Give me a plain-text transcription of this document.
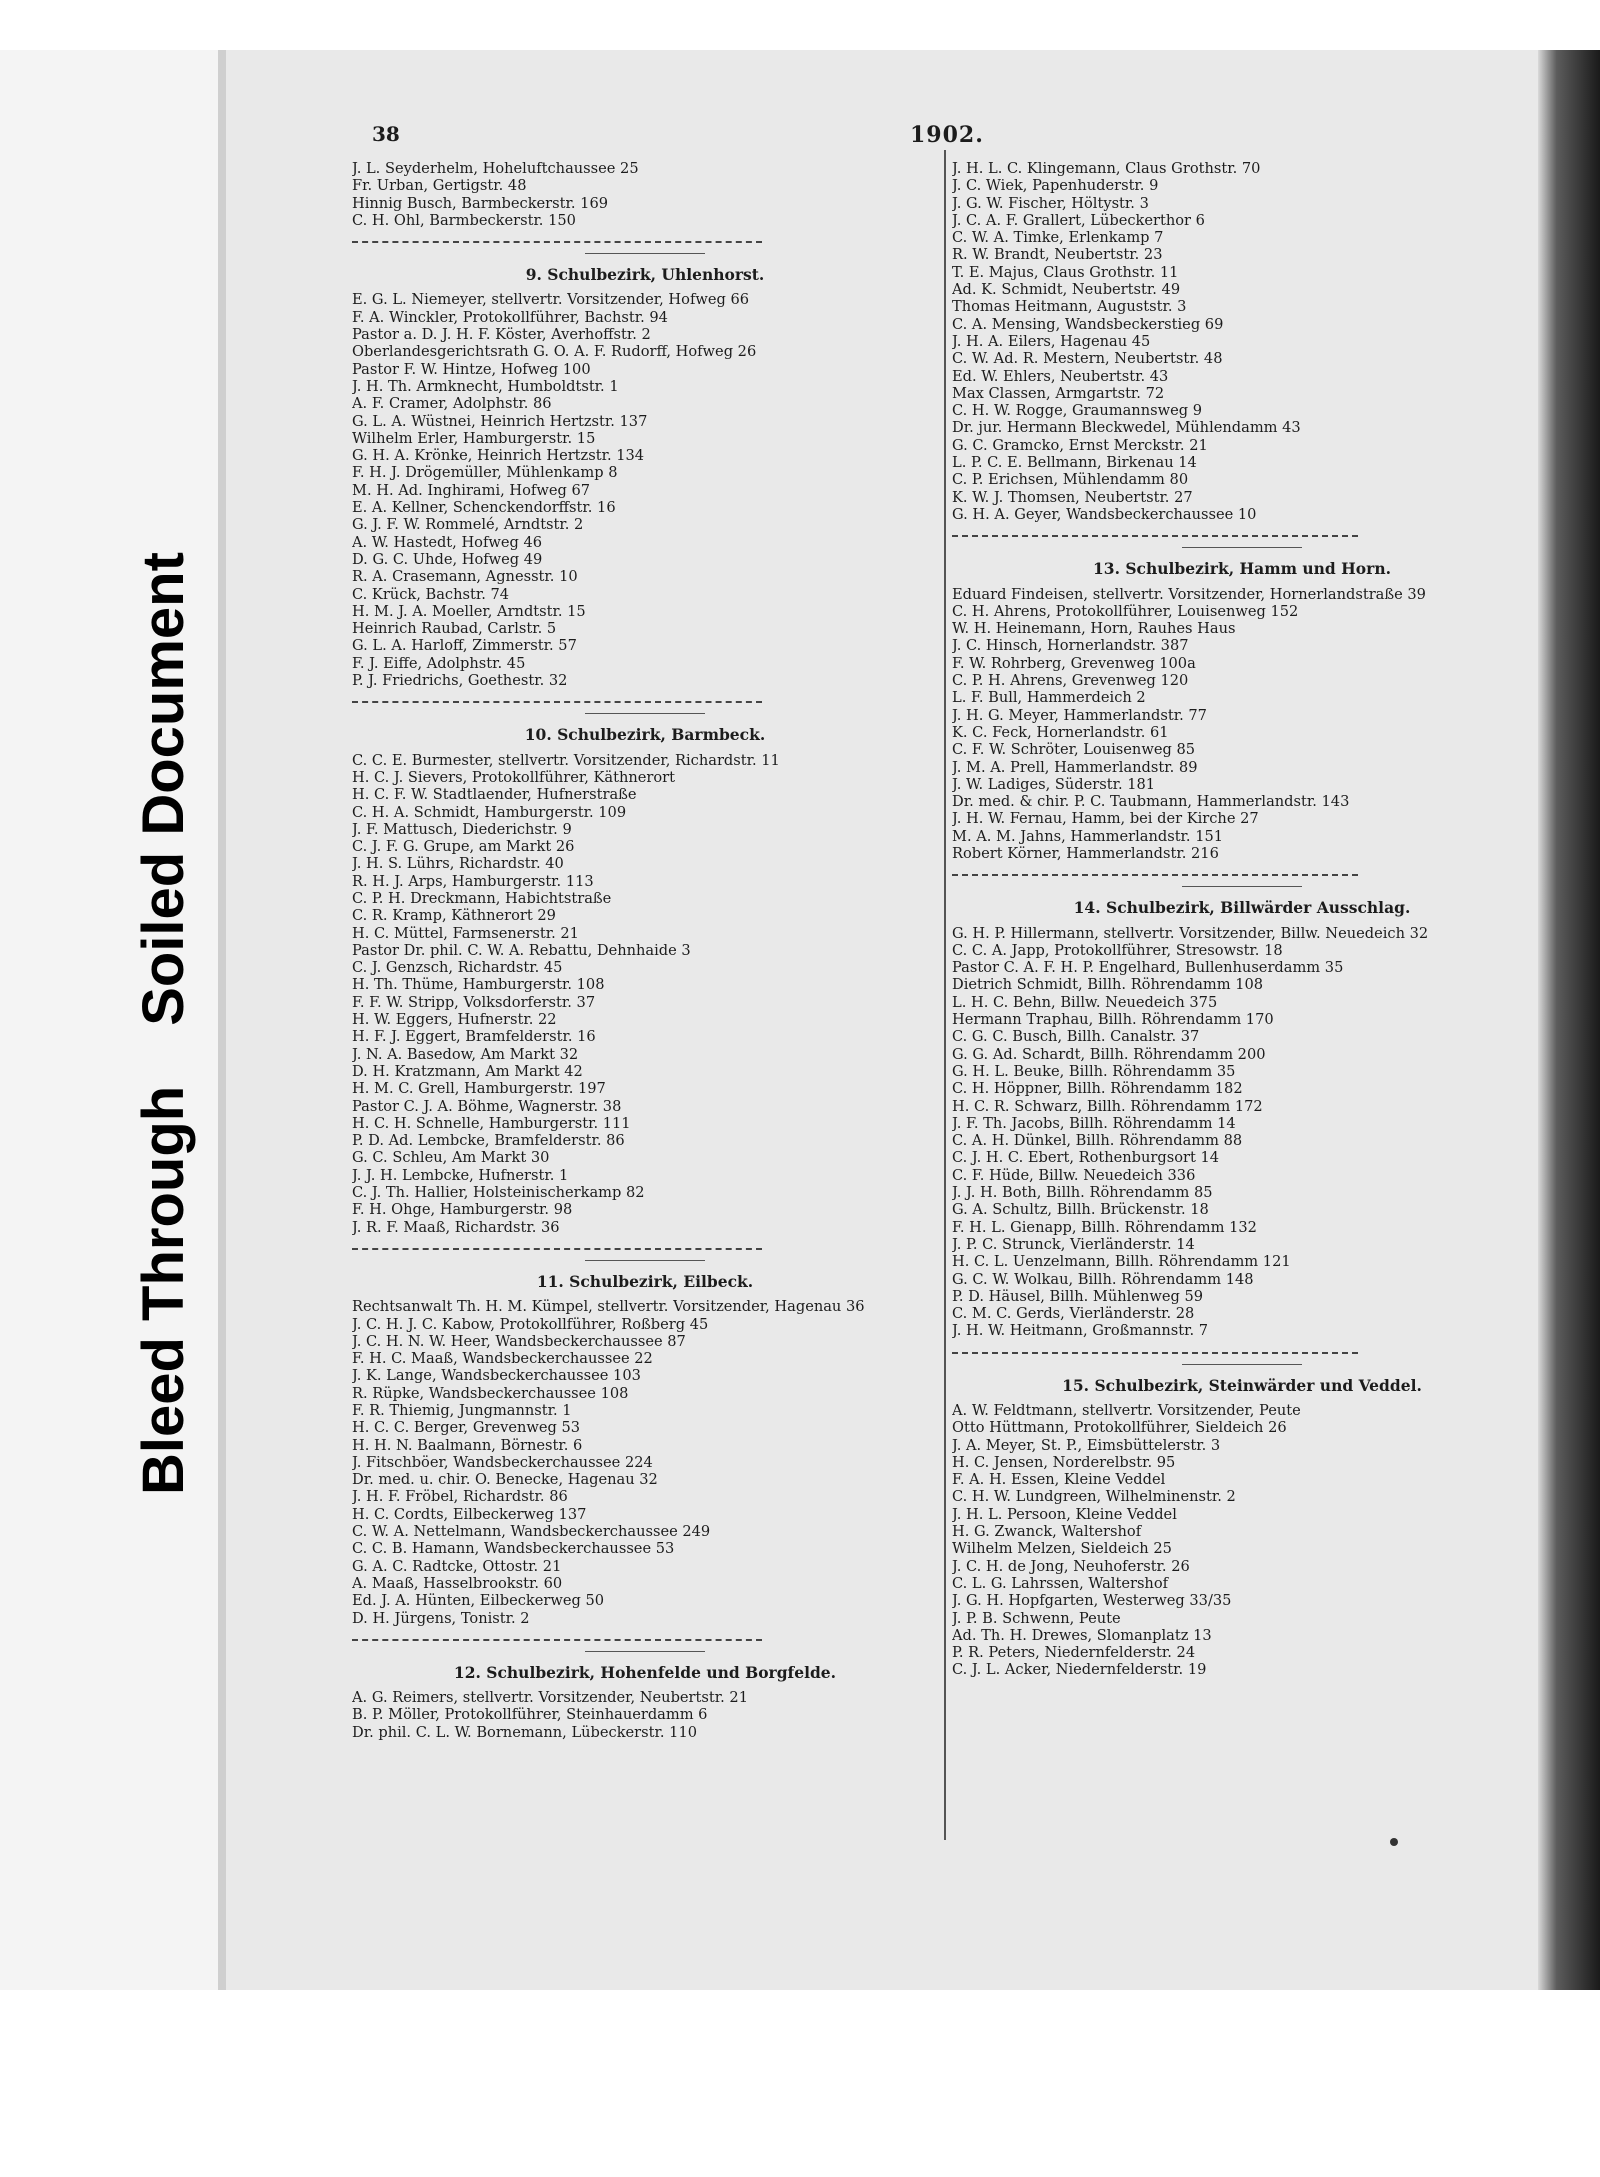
Bleed Through
Soiled Document
38	1902.
J. L. Seyderhelm, Hoheluftchaussee 25
Fr. Urban, Gertigstr. 48
Hinnig Busch, Barmbeckerstr. 169
C. H. Ohl, Barmbeckerstr. 150
9. Schulbezirk, Uhlenhorst.
E. G. L. Niemeyer, stellvertr. Vorsitzender, Hofweg 66
F. A. Winckler, Protokollführer, Bachstr. 94
Pastor a. D. J. H. F. Köster, Averhoffstr. 2
Oberlandesgerichtsrath G. O. A. F. Rudorff, Hofweg 26
Pastor F. W. Hintze, Hofweg 100
J. H. Th. Armknecht, Humboldtstr. 1
A. F. Cramer, Adolphstr. 86
G. L. A. Wüstnei, Heinrich Hertzstr. 137
Wilhelm Erler, Hamburgerstr. 15
G. H. A. Krönke, Heinrich Hertzstr. 134
F. H. J. Drögemüller, Mühlenkamp 8
M. H. Ad. Inghirami, Hofweg 67
E. A. Kellner, Schenckendorffstr. 16
G. J. F. W. Rommelé, Arndtstr. 2
A. W. Hastedt, Hofweg 46
D. G. C. Uhde, Hofweg 49
R. A. Crasemann, Agnesstr. 10
C. Krück, Bachstr. 74
H. M. J. A. Moeller, Arndtstr. 15
Heinrich Raubad, Carlstr. 5
G. L. A. Harloff, Zimmerstr. 57
F. J. Eiffe, Adolphstr. 45
P. J. Friedrichs, Goethestr. 32
10. Schulbezirk, Barmbeck.
C. C. E. Burmester, stellvertr. Vorsitzender, Richardstr. 11
H. C. J. Sievers, Protokollführer, Käthnerort
H. C. F. W. Stadtlaender, Hufnerstraße
C. H. A. Schmidt, Hamburgerstr. 109
J. F. Mattusch, Diederichstr. 9
C. J. F. G. Grupe, am Markt 26
J. H. S. Lührs, Richardstr. 40
R. H. J. Arps, Hamburgerstr. 113
C. P. H. Dreckmann, Habichtstraße
C. R. Kramp, Käthnerort 29
H. C. Müttel, Farmsenerstr. 21
Pastor Dr. phil. C. W. A. Rebattu, Dehnhaide 3
C. J. Genzsch, Richardstr. 45
H. Th. Thüme, Hamburgerstr. 108
F. F. W. Stripp, Volksdorferstr. 37
H. W. Eggers, Hufnerstr. 22
H. F. J. Eggert, Bramfelderstr. 16
J. N. A. Basedow, Am Markt 32
D. H. Kratzmann, Am Markt 42
H. M. C. Grell, Hamburgerstr. 197
Pastor C. J. A. Böhme, Wagnerstr. 38
H. C. H. Schnelle, Hamburgerstr. 111
P. D. Ad. Lembcke, Bramfelderstr. 86
G. C. Schleu, Am Markt 30
J. J. H. Lembcke, Hufnerstr. 1
C. J. Th. Hallier, Holsteinischerkamp 82
F. H. Ohge, Hamburgerstr. 98
J. R. F. Maaß, Richardstr. 36
11. Schulbezirk, Eilbeck.
Rechtsanwalt Th. H. M. Kümpel, stellvertr. Vorsitzender, Hagenau 36
J. C. H. J. C. Kabow, Protokollführer, Roßberg 45
J. C. H. N. W. Heer, Wandsbeckerchaussee 87
F. H. C. Maaß, Wandsbeckerchaussee 22
J. K. Lange, Wandsbeckerchaussee 103
R. Rüpke, Wandsbeckerchaussee 108
F. R. Thiemig, Jungmannstr. 1
H. C. C. Berger, Grevenweg 53
H. H. N. Baalmann, Börnestr. 6
J. Fitschböer, Wandsbeckerchaussee 224
Dr. med. u. chir. O. Benecke, Hagenau 32
J. H. F. Fröbel, Richardstr. 86
H. C. Cordts, Eilbeckerweg 137
C. W. A. Nettelmann, Wandsbeckerchaussee 249
C. C. B. Hamann, Wandsbeckerchaussee 53
G. A. C. Radtcke, Ottostr. 21
A. Maaß, Hasselbrookstr. 60
Ed. J. A. Hünten, Eilbeckerweg 50
D. H. Jürgens, Tonistr. 2
12. Schulbezirk, Hohenfelde und Borgfelde.
A. G. Reimers, stellvertr. Vorsitzender, Neubertstr. 21
B. P. Möller, Protokollführer, Steinhauerdamm 6
Dr. phil. C. L. W. Bornemann, Lübeckerstr. 110
J. H. L. C. Klingemann, Claus Grothstr. 70
J. C. Wiek, Papenhuderstr. 9
J. G. W. Fischer, Höltystr. 3
J. C. A. F. Grallert, Lübeckerthor 6
C. W. A. Timke, Erlenkamp 7
R. W. Brandt, Neubertstr. 23
T. E. Majus, Claus Grothstr. 11
Ad. K. Schmidt, Neubertstr. 49
Thomas Heitmann, Auguststr. 3
C. A. Mensing, Wandsbeckerstieg 69
J. H. A. Eilers, Hagenau 45
C. W. Ad. R. Mestern, Neubertstr. 48
Ed. W. Ehlers, Neubertstr. 43
Max Classen, Armgartstr. 72
C. H. W. Rogge, Graumannsweg 9
Dr. jur. Hermann Bleckwedel, Mühlendamm 43
G. C. Gramcko, Ernst Merckstr. 21
L. P. C. E. Bellmann, Birkenau 14
C. P. Erichsen, Mühlendamm 80
K. W. J. Thomsen, Neubertstr. 27
G. H. A. Geyer, Wandsbeckerchaussee 10
13. Schulbezirk, Hamm und Horn.
Eduard Findeisen, stellvertr. Vorsitzender, Hornerlandstraße 39
C. H. Ahrens, Protokollführer, Louisenweg 152
W. H. Heinemann, Horn, Rauhes Haus
J. C. Hinsch, Hornerlandstr. 387
F. W. Rohrberg, Grevenweg 100a
C. P. H. Ahrens, Grevenweg 120
L. F. Bull, Hammerdeich 2
J. H. G. Meyer, Hammerlandstr. 77
K. C. Feck, Hornerlandstr. 61
C. F. W. Schröter, Louisenweg 85
J. M. A. Prell, Hammerlandstr. 89
J. W. Ladiges, Süderstr. 181
Dr. med. & chir. P. C. Taubmann, Hammerlandstr. 143
J. H. W. Fernau, Hamm, bei der Kirche 27
M. A. M. Jahns, Hammerlandstr. 151
Robert Körner, Hammerlandstr. 216
14. Schulbezirk, Billwärder Ausschlag.
G. H. P. Hillermann, stellvertr. Vorsitzender, Billw. Neuedeich 32
C. C. A. Japp, Protokollführer, Stresowstr. 18
Pastor C. A. F. H. P. Engelhard, Bullenhuserdamm 35
Dietrich Schmidt, Billh. Röhrendamm 108
L. H. C. Behn, Billw. Neuedeich 375
Hermann Traphau, Billh. Röhrendamm 170
C. G. C. Busch, Billh. Canalstr. 37
G. G. Ad. Schardt, Billh. Röhrendamm 200
G. H. L. Beuke, Billh. Röhrendamm 35
C. H. Höppner, Billh. Röhrendamm 182
H. C. R. Schwarz, Billh. Röhrendamm 172
J. F. Th. Jacobs, Billh. Röhrendamm 14
C. A. H. Dünkel, Billh. Röhrendamm 88
C. J. H. C. Ebert, Rothenburgsort 14
C. F. Hüde, Billw. Neuedeich 336
J. J. H. Both, Billh. Röhrendamm 85
G. A. Schultz, Billh. Brückenstr. 18
F. H. L. Gienapp, Billh. Röhrendamm 132
J. P. C. Strunck, Vierländerstr. 14
H. C. L. Uenzelmann, Billh. Röhrendamm 121
G. C. W. Wolkau, Billh. Röhrendamm 148
P. D. Häusel, Billh. Mühlenweg 59
C. M. C. Gerds, Vierländerstr. 28
J. H. W. Heitmann, Großmannstr. 7
15. Schulbezirk, Steinwärder und Veddel.
A. W. Feldtmann, stellvertr. Vorsitzender, Peute
Otto Hüttmann, Protokollführer, Sieldeich 26
J. A. Meyer, St. P., Eimsbüttelerstr. 3
H. C. Jensen, Norderelbstr. 95
F. A. H. Essen, Kleine Veddel
C. H. W. Lundgreen, Wilhelminenstr. 2
J. H. L. Persoon, Kleine Veddel
H. G. Zwanck, Waltershof
Wilhelm Melzen, Sieldeich 25
J. C. H. de Jong, Neuhoferstr. 26
C. L. G. Lahrssen, Waltershof
J. G. H. Hopfgarten, Westerweg 33/35
J. P. B. Schwenn, Peute
Ad. Th. H. Drewes, Slomanplatz 13
P. R. Peters, Niedernfelderstr. 24
C. J. L. Acker, Niedernfelderstr. 19
